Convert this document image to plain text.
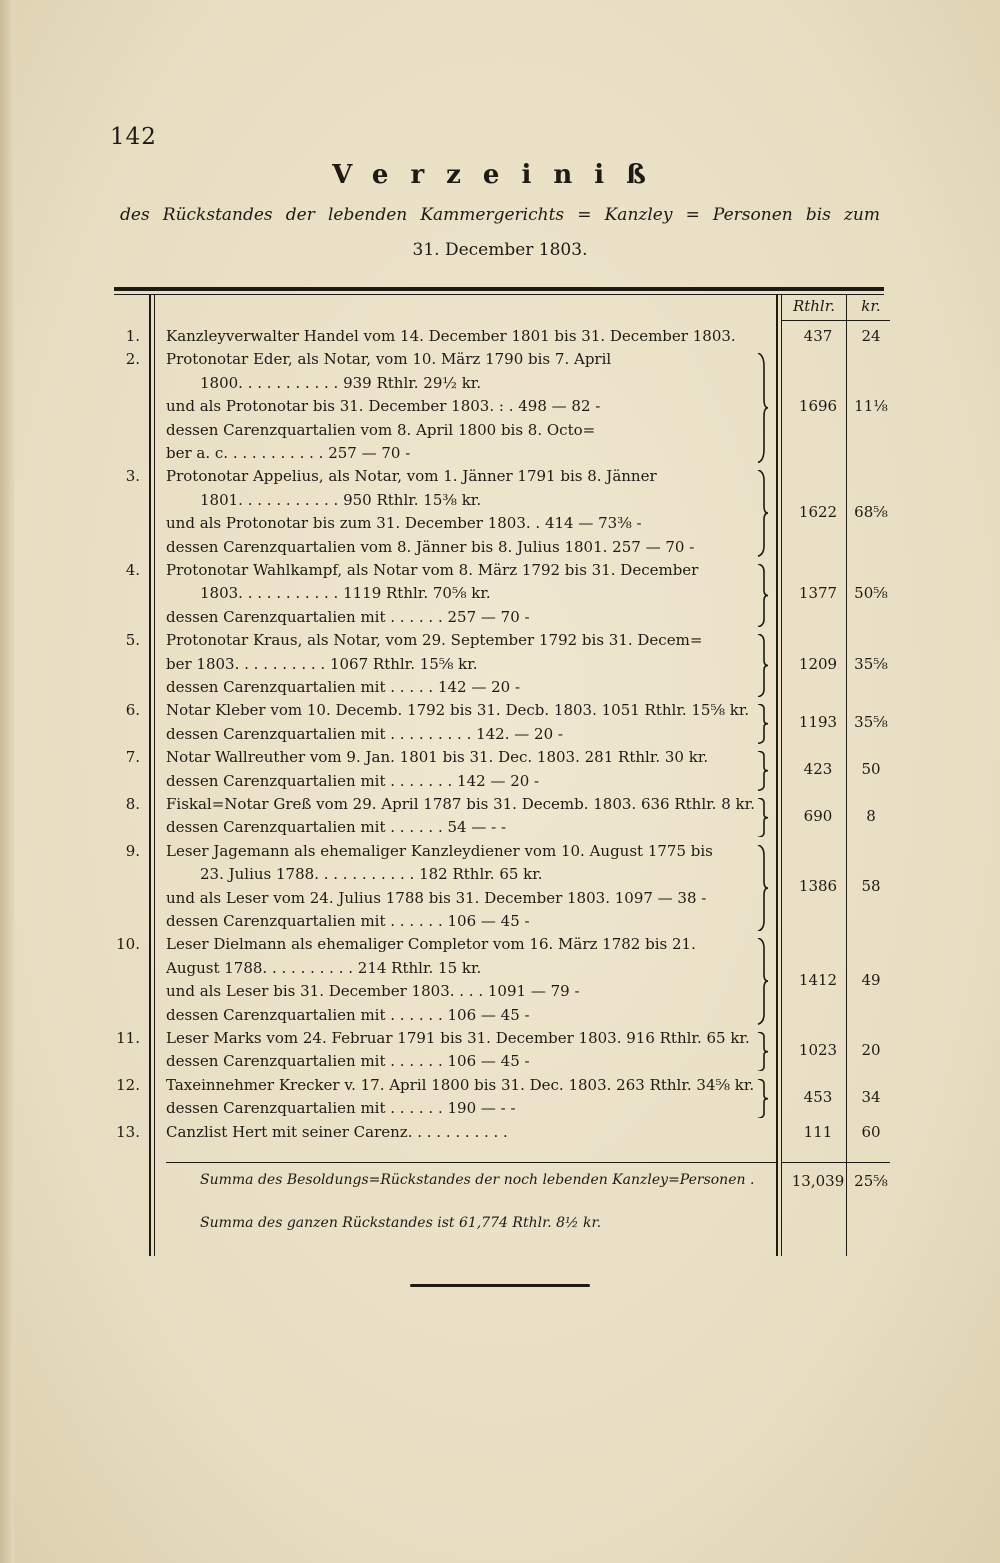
142
Verzeiniß
des Rückstandes der lebenden Kammergerichts = Kanzley = Personen bis zum
31. December 1803.
Rthlr.	kr.
1. Kanzleyverwalter Handel vom 14. December 1801 bis 31. December 1803.	437	24
2. Protonotar Eder, als Notar, vom 10. März 1790 bis 7. April
1800. . . . . . . . . . . 939 Rthlr. 29½ kr.
und als Protonotar bis 31. December 1803. : . 498 — 82 -
dessen Carenzquartalien vom 8. April 1800 bis 8. Octo=
ber a. c. . . . . . . . . . . 257 — 70 -
1696	11⅛
3. Protonotar Appelius, als Notar, vom 1. Jänner 1791 bis 8. Jänner
1801. . . . . . . . . . . 950 Rthlr. 15⅜ kr.
und als Protonotar bis zum 31. December 1803. . 414 — 73⅜ -
dessen Carenzquartalien vom 8. Jänner bis 8. Julius 1801. 257 — 70 -
1622	68⅝
4. Protonotar Wahlkampf, als Notar vom 8. März 1792 bis 31. December
1803. . . . . . . . . . . 1119 Rthlr. 70⅝ kr.
dessen Carenzquartalien mit . . . . . . 257 — 70 -
1377	50⅝
5. Protonotar Kraus, als Notar, vom 29. September 1792 bis 31. Decem=
ber 1803. . . . . . . . . . 1067 Rthlr. 15⅝ kr.
dessen Carenzquartalien mit . . . . . 142 — 20 -
1209	35⅝
6. Notar Kleber vom 10. Decemb. 1792 bis 31. Decb. 1803. 1051 Rthlr. 15⅝ kr.
dessen Carenzquartalien mit . . . . . . . . . 142. — 20 -
1193	35⅝
7. Notar Wallreuther vom 9. Jan. 1801 bis 31. Dec. 1803. 281 Rthlr. 30 kr.
dessen Carenzquartalien mit . . . . . . . 142 — 20 -
423	50
8. Fiskal=Notar Greß vom 29. April 1787 bis 31. Decemb. 1803. 636 Rthlr. 8 kr.
dessen Carenzquartalien mit . . . . . . 54 — - -
690	8
9. Leser Jagemann als ehemaliger Kanzleydiener vom 10. August 1775 bis
23. Julius 1788. . . . . . . . . . . 182 Rthlr. 65 kr.
und als Leser vom 24. Julius 1788 bis 31. December 1803. 1097 — 38 -
dessen Carenzquartalien mit . . . . . . 106 — 45 -
1386	58
10. Leser Dielmann als ehemaliger Completor vom 16. März 1782 bis 21.
August 1788. . . . . . . . . . 214 Rthlr. 15 kr.
und als Leser bis 31. December 1803. . . . 1091 — 79 -
dessen Carenzquartalien mit . . . . . . 106 — 45 -
1412	49
11. Leser Marks vom 24. Februar 1791 bis 31. December 1803. 916 Rthlr. 65 kr.
dessen Carenzquartalien mit . . . . . . 106 — 45 -
1023	20
12. Taxeinnehmer Krecker v. 17. April 1800 bis 31. Dec. 1803. 263 Rthlr. 34⅝ kr.
dessen Carenzquartalien mit . . . . . . 190 — - -
453	34
13. Canzlist Hert mit seiner Carenz. . . . . . . . . . .	111	60
Summa des Besoldungs=Rückstandes der noch lebenden Kanzley=Personen .	13,039 25⅝
Summa des ganzen Rückstandes ist 61,774 Rthlr. 8½ kr.
